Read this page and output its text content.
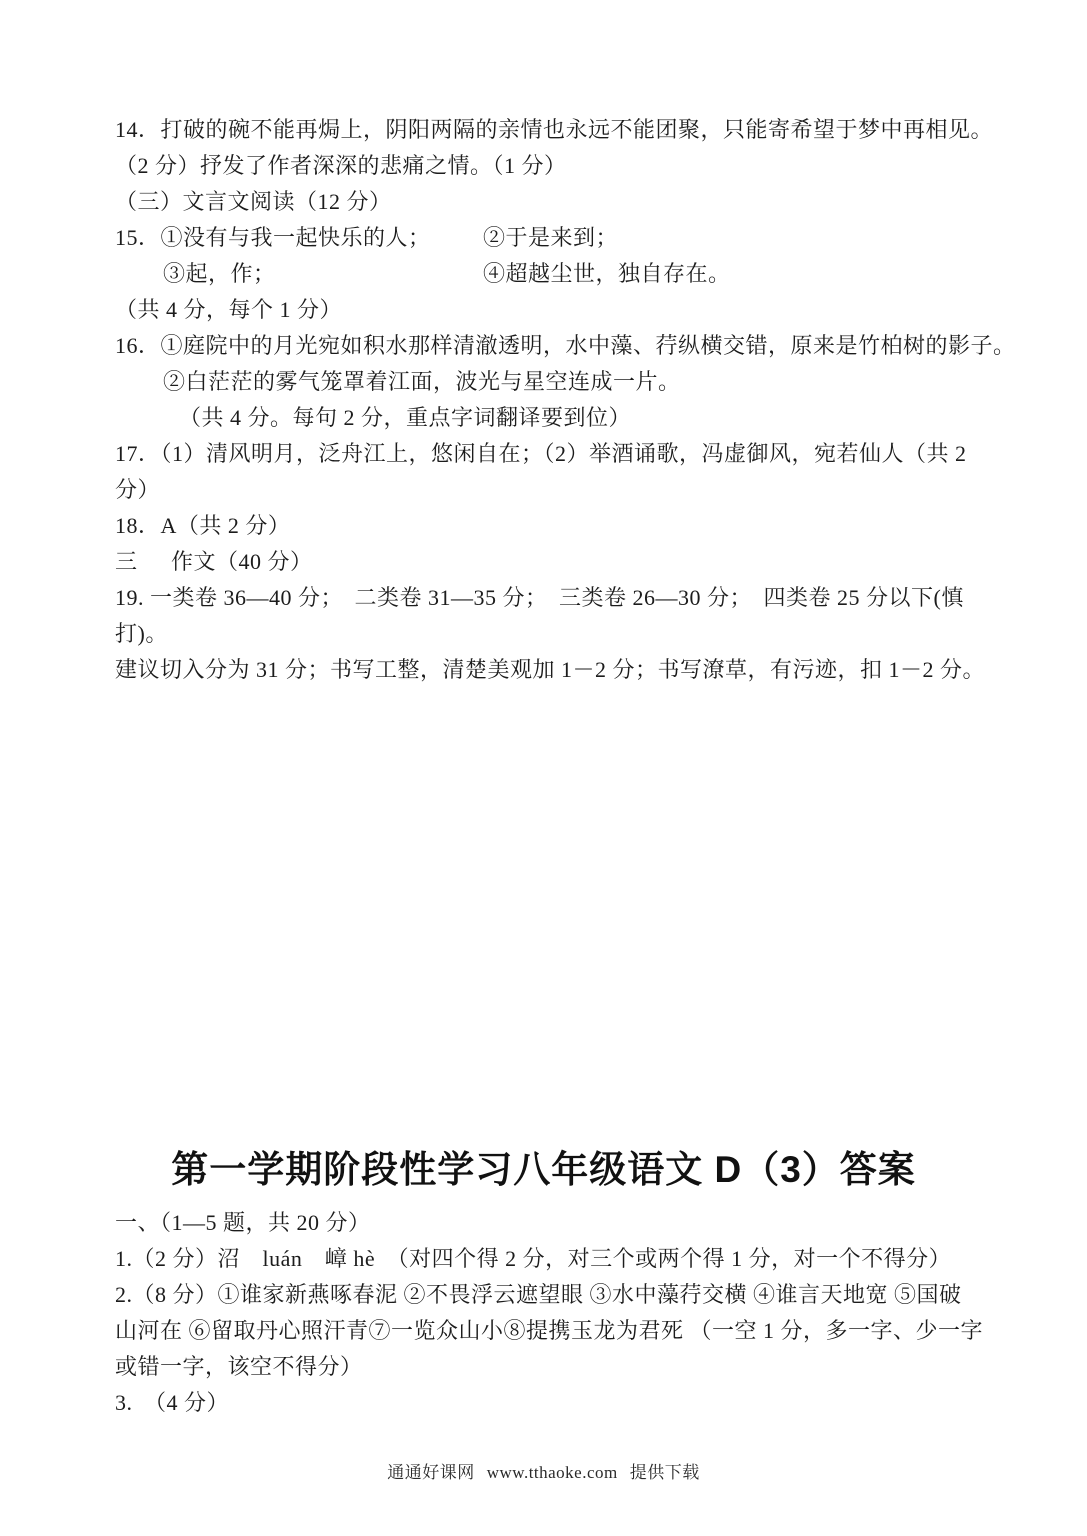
14．打破的碗不能再焗上，阴阳两隔的亲情也永远不能团聚，只能寄希望于梦中再相见。
（2 分）抒发了作者深深的悲痛之情。（1 分）
（三）文言文阅读（12 分）
15．①没有与我一起快乐的人； ②于是来到；
③起，作；	④超越尘世，独自存在。
（共 4 分，每个 1 分）
16．①庭院中的月光宛如积水那样清澈透明，水中藻、荇纵横交错，原来是竹柏树的影子。
②白茫茫的雾气笼罩着江面，波光与星空连成一片。
（共 4 分。每句 2 分，重点字词翻译要到位）
17．（1）清风明月，泛舟江上，悠闲自在；（2）举酒诵歌，冯虚御风，宛若仙人（共 2
分）
18．A（共 2 分）
三 作文（40 分）
19. 一类卷 36—40 分；　二类卷 31—35 分；　三类卷 26—30 分；　四类卷 25 分以下(慎
打)。
建议切入分为 31 分；书写工整，清楚美观加 1－2 分；书写潦草，有污迹，扣 1－2 分。
第一学期阶段性学习八年级语文 D（3）答案
一、（1—5 题，共 20 分）
1.（2 分）沼　luán　嶂 hè　（对四个得 2 分，对三个或两个得 1 分，对一个不得分）
2.（8 分）①谁家新燕啄春泥 ②不畏浮云遮望眼 ③水中藻荇交横 ④谁言天地宽 ⑤国破
山河在 ⑥留取丹心照汗青⑦一览众山小⑧提携玉龙为君死 （一空 1 分，多一字、少一字
或错一字，该空不得分）
3.　（4 分）
通通好课网 www.tthaoke.com 提供下载
